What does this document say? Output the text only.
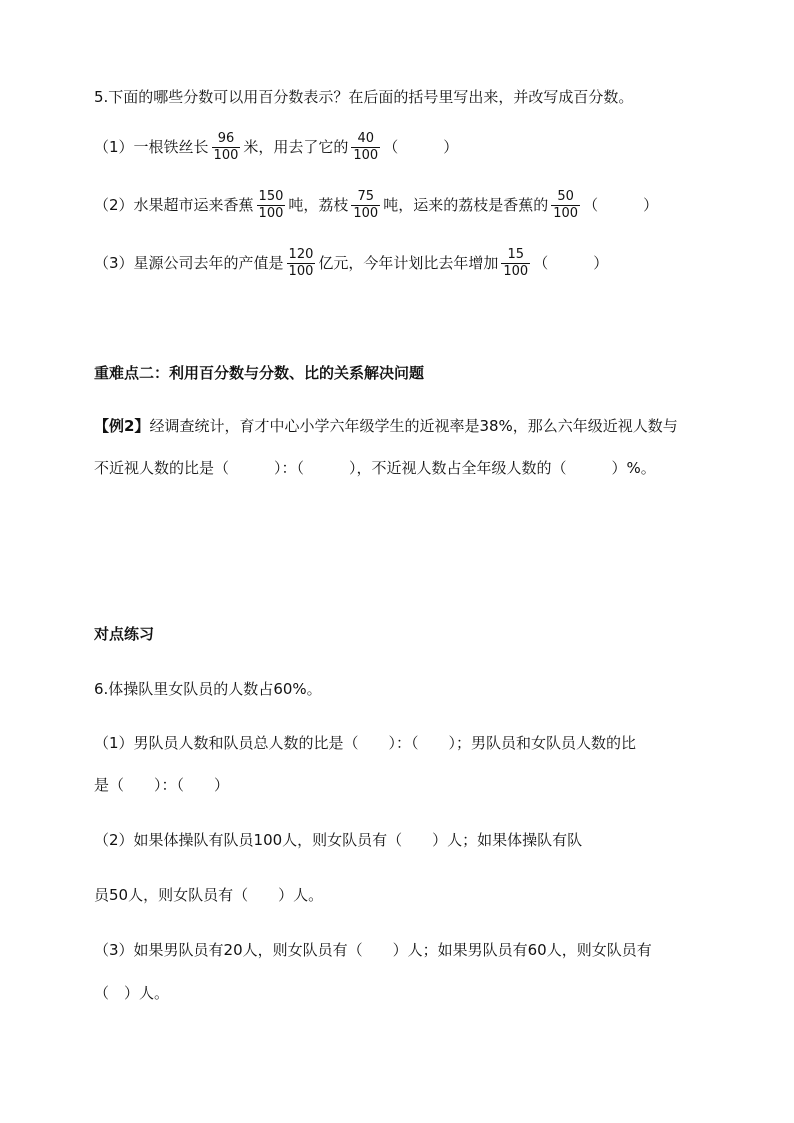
5.下面的哪些分数可以用百分数表示？在后面的括号里写出来，并改写成百分数。
（1）一根铁丝长 $\frac{96}{100}$ 米，用去了它的 $\frac{40}{100}$ （　　　）
（2）水果超市运来香蕉 $\frac{150}{100}$ 吨，荔枝 $\frac{75}{100}$ 吨，运来的荔枝是香蕉的 $\frac{50}{100}$ （　　　）
（3）星源公司去年的产值是 $\frac{120}{100}$ 亿元，今年计划比去年增加 $\frac{15}{100}$ （　　　）
重难点二：利用百分数与分数、比的关系解决问题
【例2】经调查统计，育才中心小学六年级学生的近视率是38%，那么六年级近视人数与
不近视人数的比是（　　　）：（　　　），不近视人数占全年级人数的（　　　）%。
对点练习
6.体操队里女队员的人数占60%。
（1）男队员人数和队员总人数的比是（　　）：（　　）；男队员和女队员人数的比
是（　　）：（　　）
（2）如果体操队有队员100人，则女队员有（　　）人；如果体操队有队
员50人，则女队员有（　　）人。
（3）如果男队员有20人，则女队员有（　　）人；如果男队员有60人，则女队员有
（　）人。
